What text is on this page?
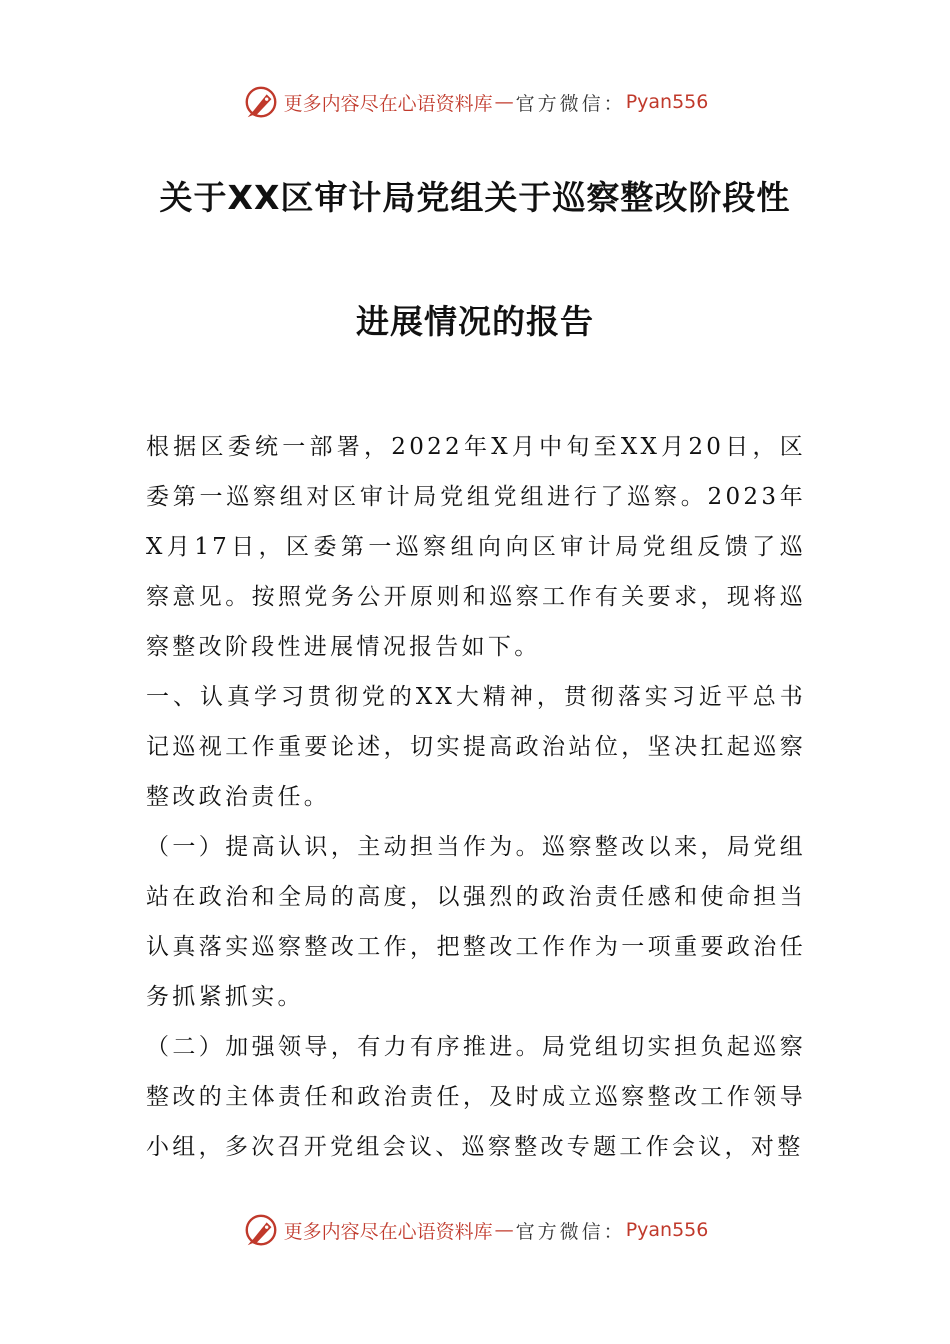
更多内容尽在心语资料库 — 官方微信： Pyan556
关于XX区审计局党组关于巡察整改阶段性
进展情况的报告

根据区委统一部署，2022年X月中旬至XX月20日，区委第一巡察组对区审计局党组党组进行了巡察。2023年X月17日，区委第一巡察组向向区审计局党组反馈了巡察意见。按照党务公开原则和巡察工作有关要求，现将巡察整改阶段性进展情况报告如下。

一、认真学习贯彻党的XX大精神，贯彻落实习近平总书记巡视工作重要论述，切实提高政治站位，坚决扛起巡察整改政治责任。

（一）提高认识，主动担当作为。巡察整改以来，局党组站在政治和全局的高度，以强烈的政治责任感和使命担当认真落实巡察整改工作，把整改工作作为一项重要政治任务抓紧抓实。

（二）加强领导，有力有序推进。局党组切实担负起巡察整改的主体责任和政治责任，及时成立巡察整改工作领导小组，多次召开党组会议、巡察整改专题工作会议，对整

更多内容尽在心语资料库 — 官方微信： Pyan556
